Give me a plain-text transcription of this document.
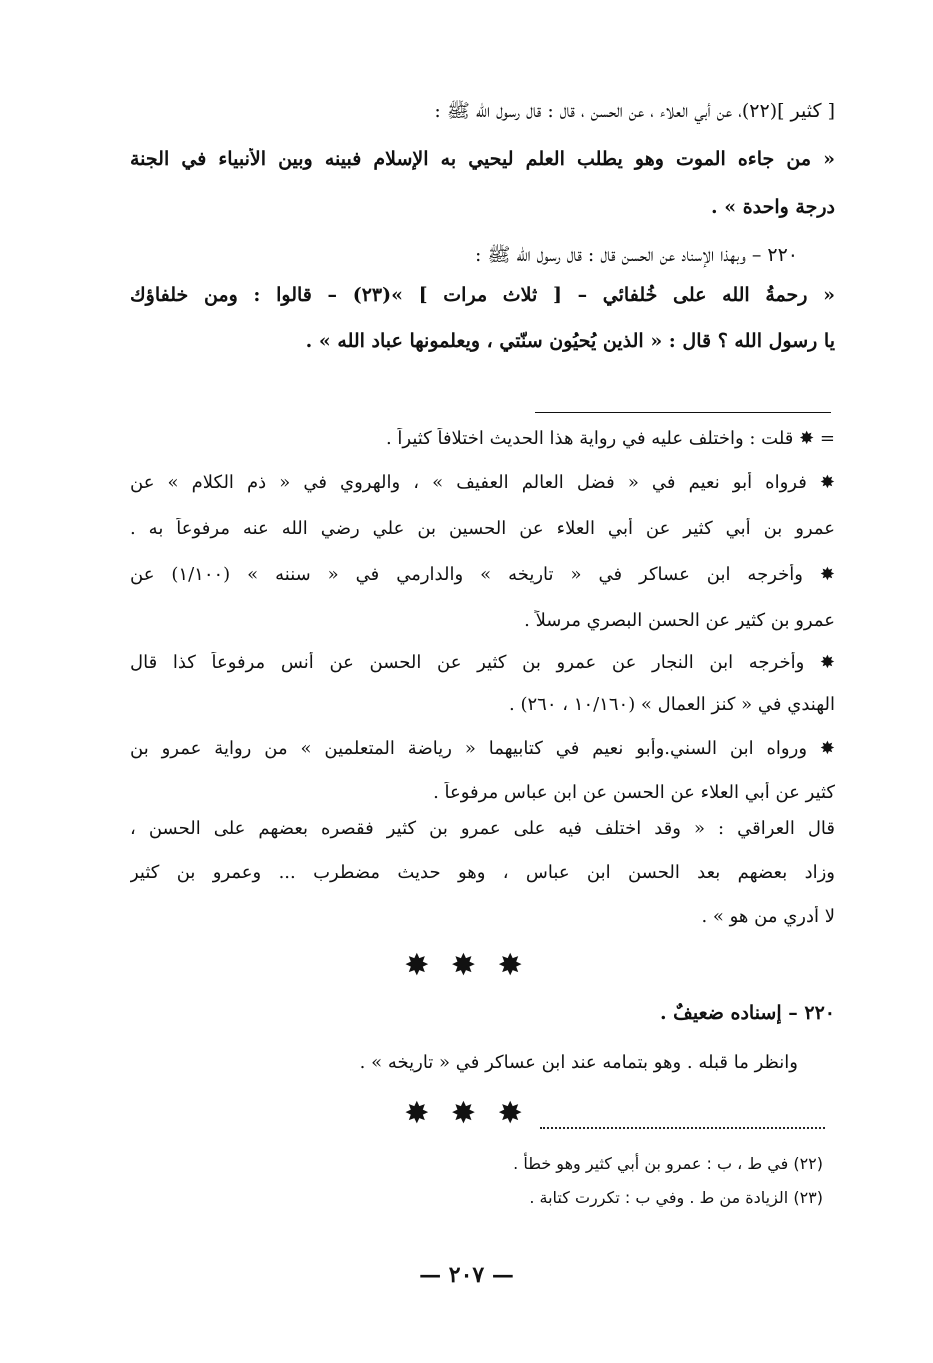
[ كثير ](٢٢)، عن أبي العلاء ، عن الحسن ، قال : قال رسول الله ﷺ :
« من جاءه الموت وهو يطلب العلم ليحيي به الإسلام فبينه وبين الأنبياء في الجنة
درجة واحدة » .
٢٢٠ – وبهذا الإسناد عن الحسن قال : قال رسول الله ﷺ :
« رحمةُ الله على خُلفائي – [ ثلاث مرات ] »(٢٣) – قالوا : ومن خلفاؤك
يا رسول الله ؟ قال : « الذين يُحيُون سنّتي ، ويعلمونها عباد الله » .
= ✸ قلت : واختلف عليه في رواية هذا الحديث اختلافاً كثيراً .
✸ فرواه أبو نعيم في « فضل العالم العفيف » ، والهروي في « ذم الكلام » عن
عمرو بن أبي كثير عن أبي العلاء عن الحسين بن علي رضي الله عنه مرفوعاً به .
✸ وأخرجه ابن عساكر في « تاريخه » والدارمي في « سننه » (١/١٠٠) عن
عمرو بن كثير عن الحسن البصري مرسلاً .
✸ وأخرجه ابن النجار عن عمرو بن كثير عن الحسن عن أنس مرفوعاً كذا قال
الهندي في « كنز العمال » (١٠/١٦٠ ، ٢٦٠) .
✸ ورواه ابن السني.وأبو نعيم في كتابيهما « رياضة المتعلمين » من رواية عمرو بن
كثير عن أبي العلاء عن الحسن عن ابن عباس مرفوعاً .
قال العراقي : « وقد اختلف فيه على عمرو بن كثير فقصره بعضهم على الحسن ،
وزاد بعضهم بعد الحسن ابن عباس ، وهو حديث مضطرب ... وعمرو بن كثير
لا أدري من هو » .
✸ ✸ ✸
٢٢٠ – إسناده ضعيفٌ .
وانظر ما قبله . وهو بتمامه عند ابن عساكر في « تاريخه » .
✸ ✸ ✸
(٢٢) في ط ، ب : عمرو بن أبي كثير وهو خطأ .
(٢٣) الزيادة من ط . وفي ب : تكررت كتابة .
— ٢٠٧ —
